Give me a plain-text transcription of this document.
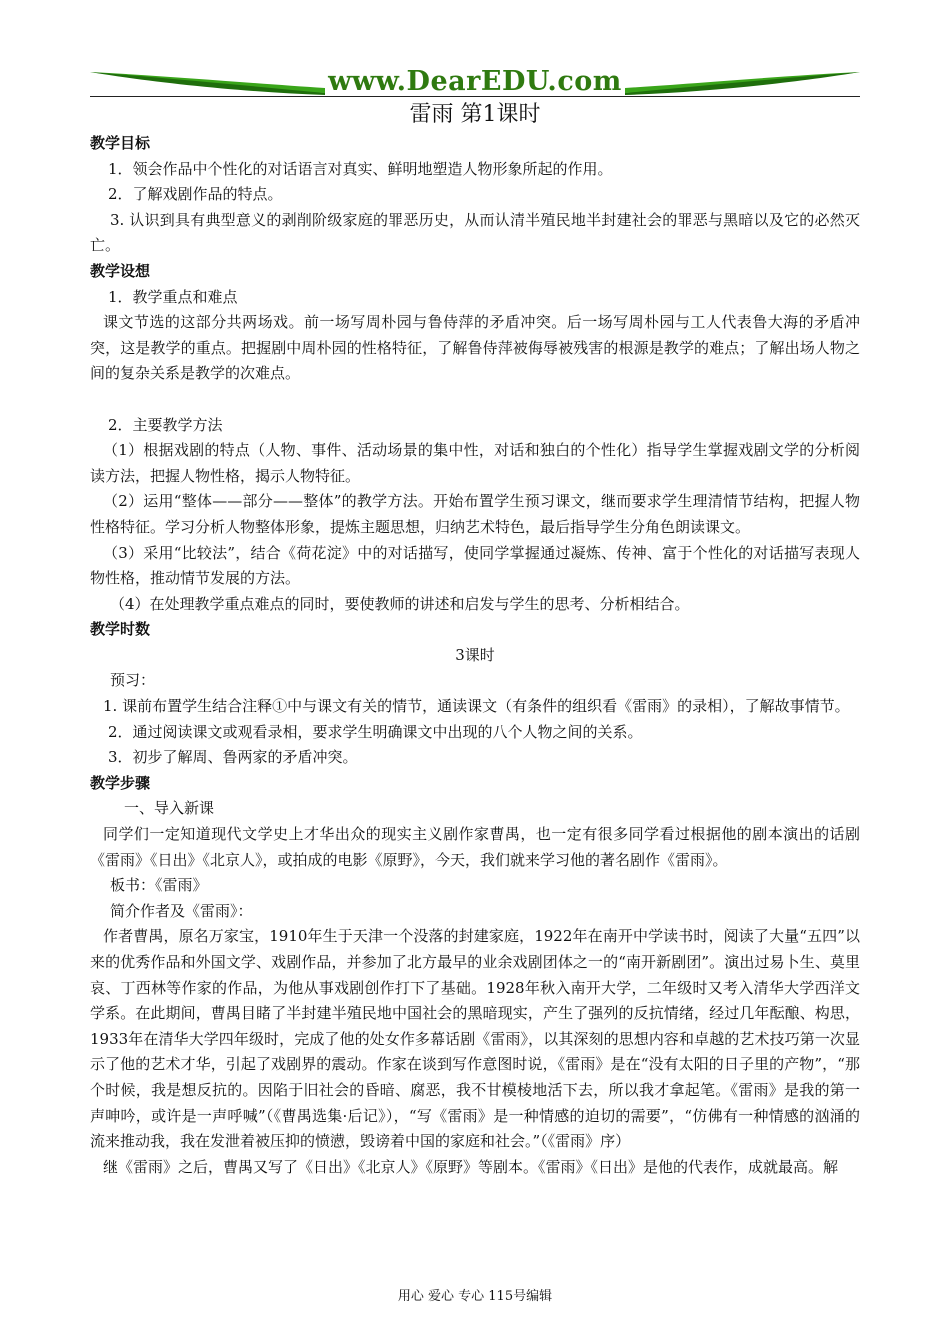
www.DearEDU.com
雷雨 第1课时

教学目标

1．领会作品中个性化的对话语言对真实、鲜明地塑造人物形象所起的作用。

2．了解戏剧作品的特点。

3. 认识到具有典型意义的剥削阶级家庭的罪恶历史，从而认清半殖民地半封建社会的罪恶与黑暗以及它的必然灭亡。

教学设想

1．教学重点和难点

课文节选的这部分共两场戏。前一场写周朴园与鲁侍萍的矛盾冲突。后一场写周朴园与工人代表鲁大海的矛盾冲突，这是教学的重点。把握剧中周朴园的性格特征，了解鲁侍萍被侮辱被残害的根源是教学的难点；了解出场人物之间的复杂关系是教学的次难点。

2．主要教学方法

（1）根据戏剧的特点（人物、事件、活动场景的集中性，对话和独白的个性化）指导学生掌握戏剧文学的分析阅读方法，把握人物性格，揭示人物特征。

（2）运用“整体——部分——整体”的教学方法。开始布置学生预习课文，继而要求学生理清情节结构，把握人物性格特征。学习分析人物整体形象，提炼主题思想，归纳艺术特色，最后指导学生分角色朗读课文。

（3）采用“比较法”，结合《荷花淀》中的对话描写，使同学掌握通过凝炼、传神、富于个性化的对话描写表现人物性格，推动情节发展的方法。

（4）在处理教学重点难点的同时，要使教师的讲述和启发与学生的思考、分析相结合。

教学时数

3课时

预习：

1. 课前布置学生结合注释①中与课文有关的情节，通读课文（有条件的组织看《雷雨》的录相），了解故事情节。

2．通过阅读课文或观看录相，要求学生明确课文中出现的八个人物之间的关系。

3．初步了解周、鲁两家的矛盾冲突。

教学步骤

一、导入新课

同学们一定知道现代文学史上才华出众的现实主义剧作家曹禺，也一定有很多同学看过根据他的剧本演出的话剧《雷雨》《日出》《北京人》，或拍成的电影《原野》，今天，我们就来学习他的著名剧作《雷雨》。

板书：《雷雨》

简介作者及《雷雨》：

作者曹禺，原名万家宝，1910年生于天津一个没落的封建家庭，1922年在南开中学读书时，阅读了大量“五四”以来的优秀作品和外国文学、戏剧作品，并参加了北方最早的业余戏剧团体之一的“南开新剧团”。演出过易卜生、莫里哀、丁西林等作家的作品，为他从事戏剧创作打下了基础。1928年秋入南开大学，二年级时又考入清华大学西洋文学系。在此期间，曹禺目睹了半封建半殖民地中国社会的黑暗现实，产生了强列的反抗情绪，经过几年酝酿、构思，1933年在清华大学四年级时，完成了他的处女作多幕话剧《雷雨》，以其深刻的思想内容和卓越的艺术技巧第一次显示了他的艺术才华，引起了戏剧界的震动。作家在谈到写作意图时说，《雷雨》是在“没有太阳的日子里的产物”，“那个时候，我是想反抗的。因陷于旧社会的昏暗、腐恶，我不甘模棱地活下去，所以我才拿起笔。《雷雨》是我的第一声呻吟，或许是一声呼喊”（《曹禺选集·后记》），“写《雷雨》是一种情感的迫切的需要”，“仿佛有一种情感的汹涌的流来推动我，我在发泄着被压抑的愤懑，毁谤着中国的家庭和社会。”（《雷雨》序）

继《雷雨》之后，曹禺又写了《日出》《北京人》《原野》等剧本。《雷雨》《日出》是他的代表作，成就最高。解

用心 爱心 专心 115号编辑
